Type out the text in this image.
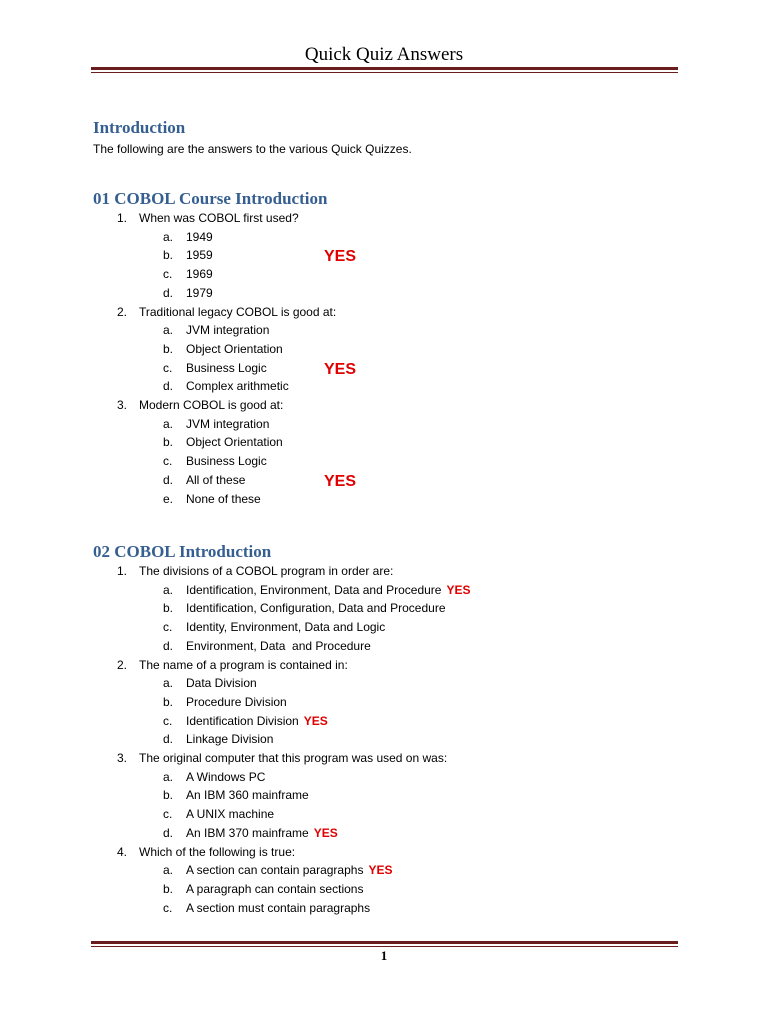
Quick Quiz Answers
Introduction
The following are the answers to the various Quick Quizzes.
01 COBOL Course Introduction
1. When was COBOL first used?
a. 1949
YES
b. 1959
c. 1969
d. 1979
2. Traditional legacy COBOL is good at:
a. JVM integration
b. Object Orientation
YES
c. Business Logic
d. Complex arithmetic
3. Modern COBOL is good at:
a. JVM integration
b. Object Orientation
c. Business Logic
YES
d. All of these
e. None of these
02 COBOL Introduction
1. The divisions of a COBOL program in order are:
a. Identification, Environment, Data and Procedure YES
b. Identification, Configuration, Data and Procedure
c. Identity, Environment, Data and Logic
d. Environment, Data  and Procedure
2. The name of a program is contained in:
a. Data Division
b. Procedure Division
c. Identification Division YES
d. Linkage Division
3. The original computer that this program was used on was:
a. A Windows PC
b. An IBM 360 mainframe
c. A UNIX machine
d. An IBM 370 mainframe YES
4. Which of the following is true:
a. A section can contain paragraphs YES
b. A paragraph can contain sections
c. A section must contain paragraphs
1
